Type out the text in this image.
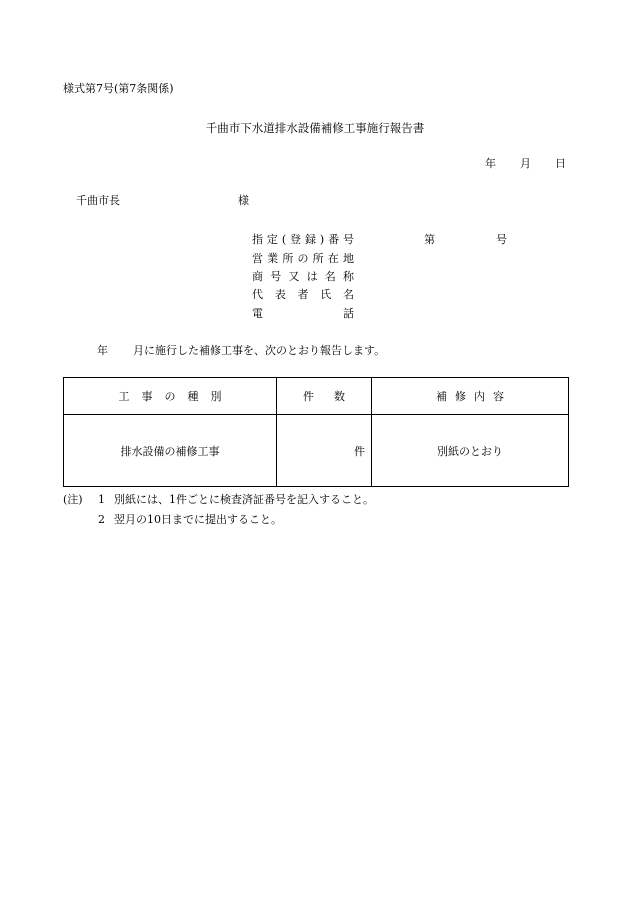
様式第7号(第7条関係)
千曲市下水道排水設備補修工事施行報告書
年 月 日
千曲市長	様
指定(登録)番号	第	号
営業所の所在地
商号又は名称
代表者氏名
電話
年 月に施行した補修工事を、次のとおり報告します。
工事の種別	件数	補修内容
排水設備の補修工事	件	別紙のとおり
(注) 1 別紙には、1件ごとに検査済証番号を記入すること。
2 翌月の10日までに提出すること。
